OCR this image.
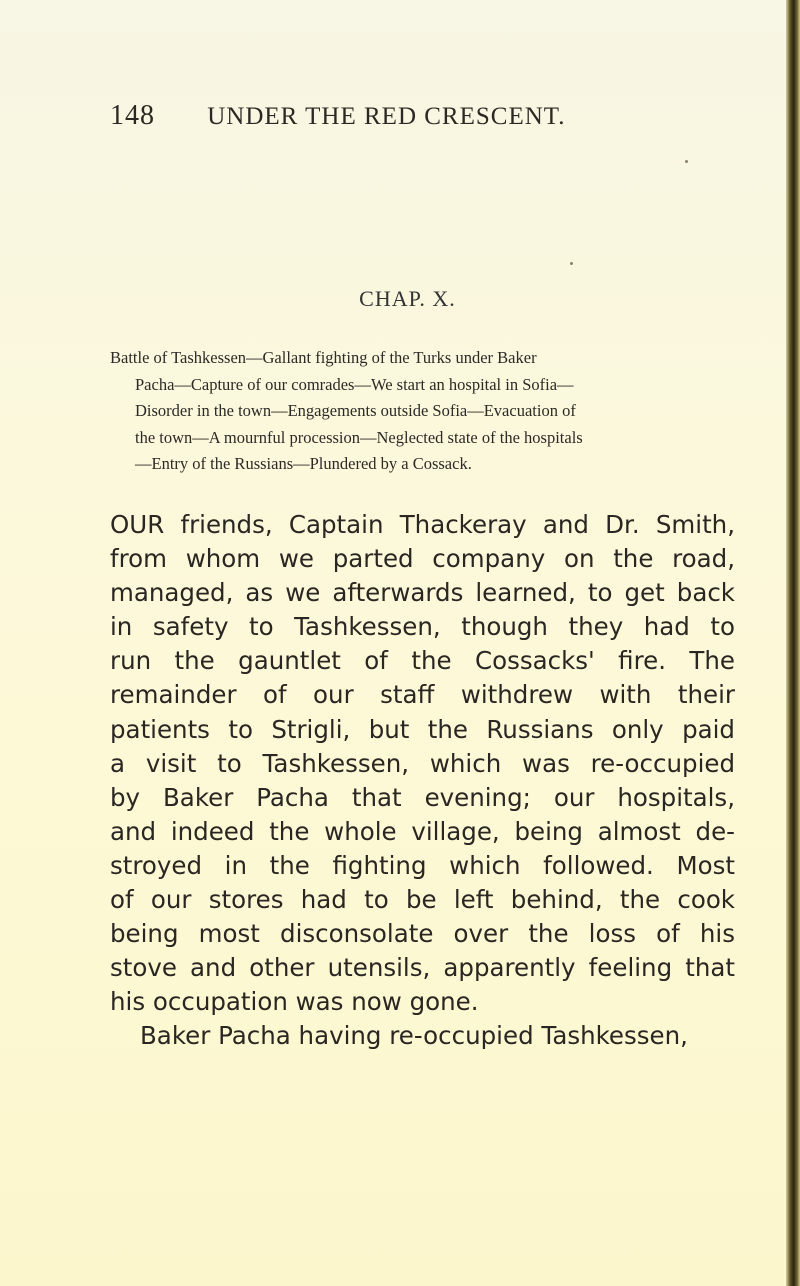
148 UNDER THE RED CRESCENT.
CHAP. X.
Battle of Tashkessen—Gallant fighting of the Turks under Baker
Pacha—Capture of our comrades—We start an hospital in Sofia—
Disorder in the town—Engagements outside Sofia—Evacuation of
the town—A mournful procession—Neglected state of the hospitals
—Entry of the Russians—Plundered by a Cossack.
OUR friends, Captain Thackeray and Dr. Smith,
from whom we parted company on the road,
managed, as we afterwards learned, to get back
in safety to Tashkessen, though they had to
run the gauntlet of the Cossacks' fire. The
remainder of our staff withdrew with their
patients to Strigli, but the Russians only paid
a visit to Tashkessen, which was re-occupied
by Baker Pacha that evening; our hospitals,
and indeed the whole village, being almost de-
stroyed in the fighting which followed. Most
of our stores had to be left behind, the cook
being most disconsolate over the loss of his
stove and other utensils, apparently feeling that
his occupation was now gone.
Baker Pacha having re-occupied Tashkessen,
